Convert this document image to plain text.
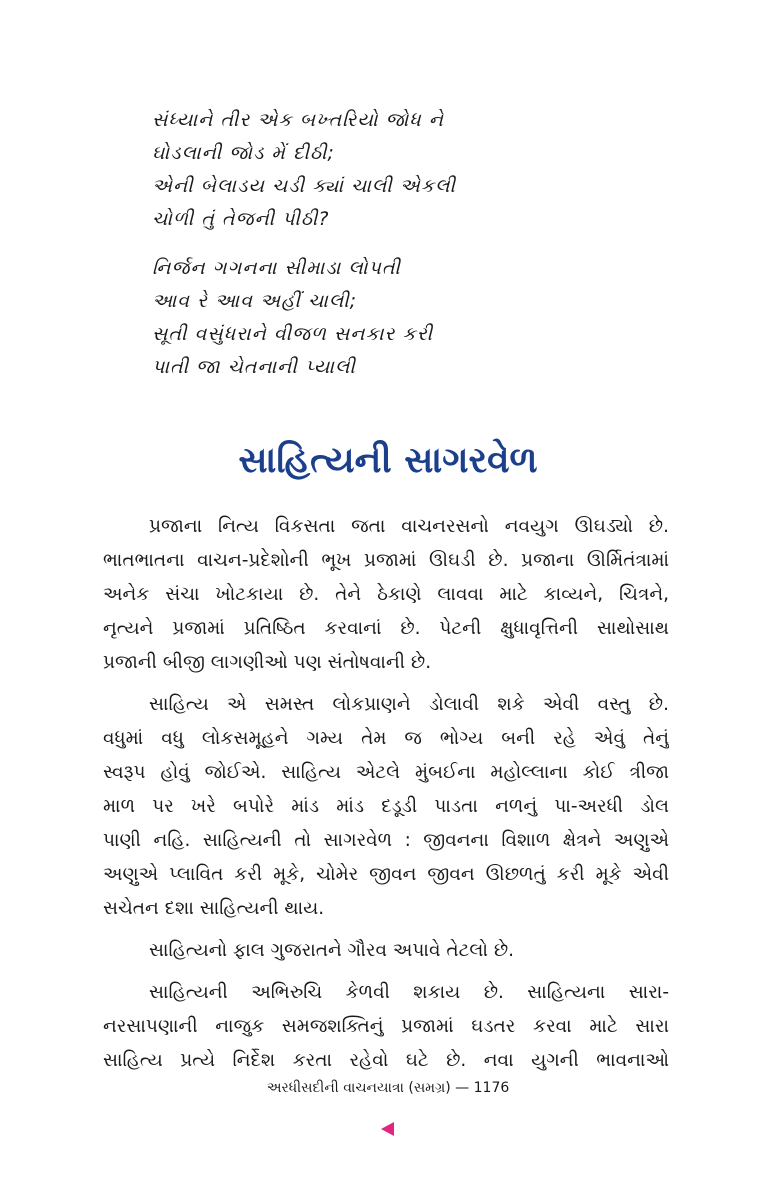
સંધ્યાને તીર એક બખ્તરિયો જોધ ને
ઘોડલાની જોડ મેં દીઠી;
એની બેલાડય ચડી ક્યાં ચાલી એકલી
ચોળી તું તેજની પીઠી?
નિર્જન ગગનના સીમાડા લોપતી
આવ રે આવ અહીં ચાલી;
સૂતી વસુંધરાને વીજળ સનકાર કરી
પાતી જા ચેતનાની પ્યાલી
સાહિત્યની સાગરવેળ
પ્રજાના નિત્ય વિકસતા જતા વાચનરસનો નવયુગ ઊઘડ્યો છે.
ભાતભાતના વાચન-પ્રદેશોની ભૂખ પ્રજામાં ઊઘડી છે. પ્રજાના ઊર્મિતંત્રામાં
અનેક સંચા ખોટકાયા છે. તેને ઠેકાણે લાવવા માટે કાવ્યને, ચિત્રને,
નૃત્યને પ્રજામાં પ્રતિષ્ઠિત કરવાનાં છે. પેટની ક્ષુધાવૃત્તિની સાથોસાથ
પ્રજાની બીજી લાગણીઓ પણ સંતોષવાની છે.
સાહિત્ય એ સમસ્ત લોકપ્રાણને ડોલાવી શકે એવી વસ્તુ છે.
વધુમાં વધુ લોકસમૂહને ગમ્ય તેમ જ ભોગ્ય બની રહે એવું તેનું
સ્વરૂપ હોવું જોઈએ. સાહિત્ય એટલે મુંબઈના મહોલ્લાના કોઈ ત્રીજા
માળ પર ખરે બપોરે માંડ માંડ દડૂડી પાડતા નળનું પા-અરધી ડોલ
પાણી નહિ. સાહિત્યની તો સાગરવેળ : જીવનના વિશાળ ક્ષેત્રને અણુએ
અણુએ પ્લાવિત કરી મૂકે, ચોમેર જીવન જીવન ઊછળતું કરી મૂકે એવી
સચેતન દશા સાહિત્યની થાય.
સાહિત્યનો ફાલ ગુજરાતને ગૌરવ અપાવે તેટલો છે.
સાહિત્યની અભિરુચિ કેળવી શકાય છે. સાહિત્યના સારા-
નરસાપણાની નાજુક સમજશક્તિનું પ્રજામાં ઘડતર કરવા માટે સારા
સાહિત્ય પ્રત્યે નિર્દેશ કરતા રહેવો ઘટે છે. નવા યુગની ભાવનાઓ
અરધીસદીની વાચનયાત્રા (સમગ્ર) — 1176
